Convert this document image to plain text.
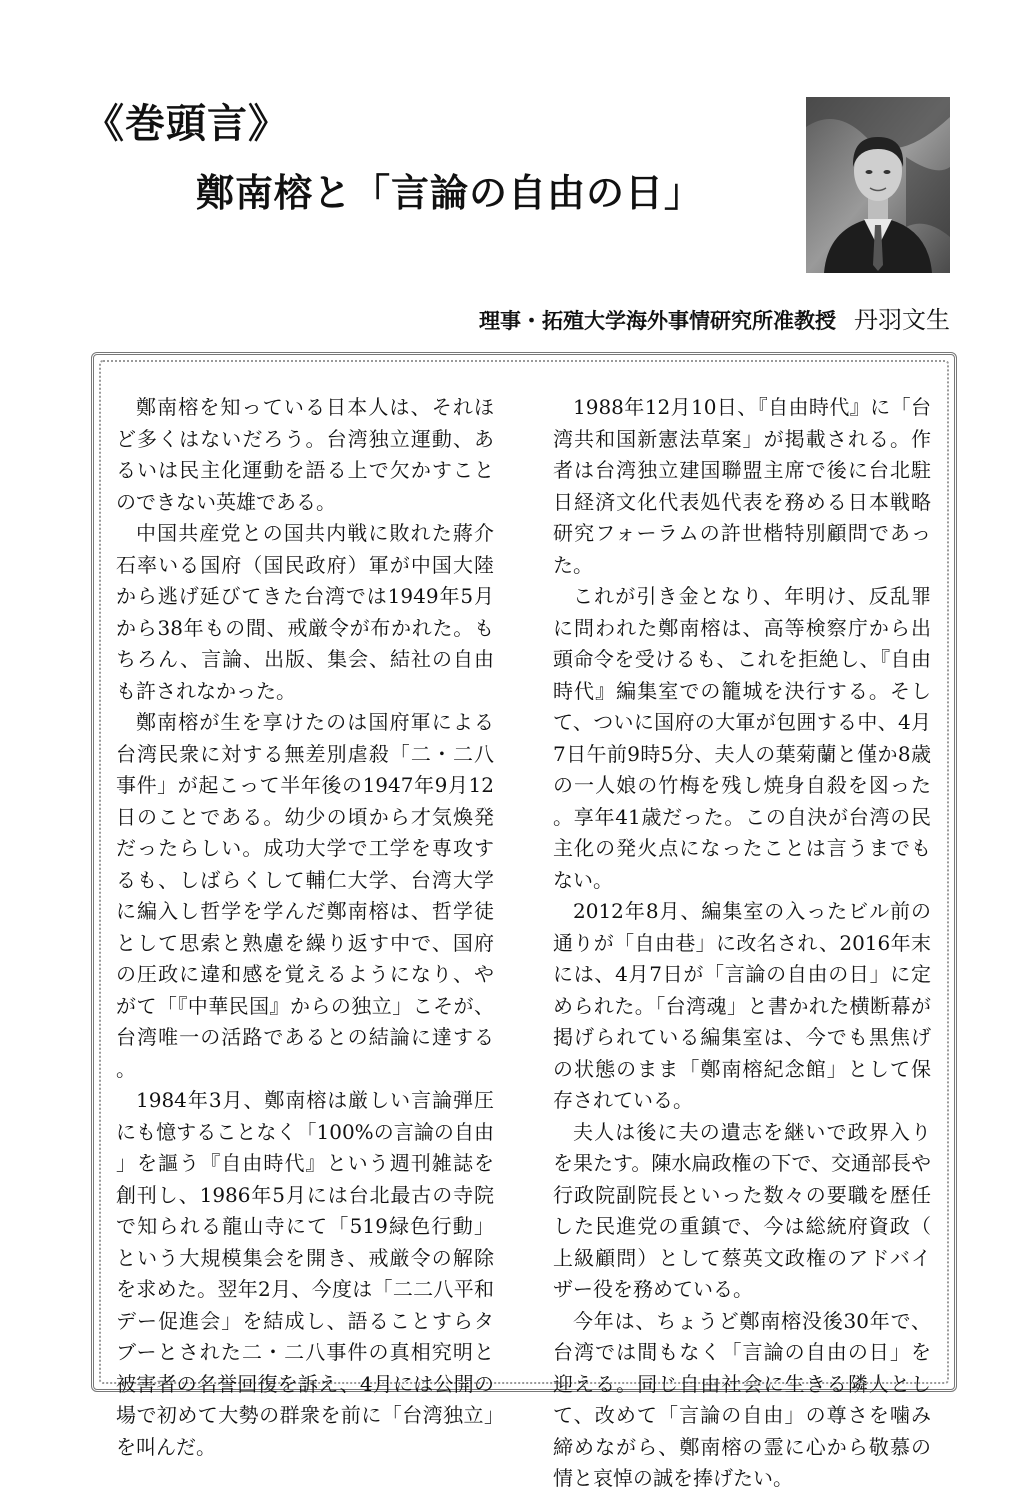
《巻頭言》
鄭南榕と「言論の自由の日」
理事・拓殖大学海外事情研究所准教授 丹羽文生

鄭南榕を知っている日本人は、それほど多くはないだろう。台湾独立運動、あるいは民主化運動を語る上で欠かすことのできない英雄である。

中国共産党との国共内戦に敗れた蔣介石率いる国府（国民政府）軍が中国大陸から逃げ延びてきた台湾では1949年5月から38年もの間、戒厳令が布かれた。もちろん、言論、出版、集会、結社の自由も許されなかった。

鄭南榕が生を享けたのは国府軍による台湾民衆に対する無差別虐殺「二・二八事件」が起こって半年後の1947年9月12日のことである。幼少の頃から才気煥発だったらしい。成功大学で工学を専攻するも、しばらくして輔仁大学、台湾大学に編入し哲学を学んだ鄭南榕は、哲学徒として思索と熟慮を繰り返す中で、国府の圧政に違和感を覚えるようになり、やがて「『中華民国』からの独立」こそが、台湾唯一の活路であるとの結論に達する。

1984年3月、鄭南榕は厳しい言論弾圧にも憶することなく「100%の言論の自由」を謳う『自由時代』という週刊雑誌を創刊し、1986年5月には台北最古の寺院で知られる龍山寺にて「519緑色行動」という大規模集会を開き、戒厳令の解除を求めた。翌年2月、今度は「二二八平和デー促進会」を結成し、語ることすらタブーとされた二・二八事件の真相究明と被害者の名誉回復を訴え、4月には公開の場で初めて大勢の群衆を前に「台湾独立」を叫んだ。

1988年12月10日、『自由時代』に「台湾共和国新憲法草案」が掲載される。作者は台湾独立建国聯盟主席で後に台北駐日経済文化代表処代表を務める日本戦略研究フォーラムの許世楷特別顧問であった。

これが引き金となり、年明け、反乱罪に問われた鄭南榕は、高等検察庁から出頭命令を受けるも、これを拒絶し、『自由時代』編集室での籠城を決行する。そして、ついに国府の大軍が包囲する中、4月7日午前9時5分、夫人の葉菊蘭と僅か8歳の一人娘の竹梅を残し焼身自殺を図った。享年41歳だった。この自決が台湾の民主化の発火点になったことは言うまでもない。

2012年8月、編集室の入ったビル前の通りが「自由巷」に改名され、2016年末には、4月7日が「言論の自由の日」に定められた。「台湾魂」と書かれた横断幕が掲げられている編集室は、今でも黒焦げの状態のまま「鄭南榕紀念館」として保存されている。

夫人は後に夫の遺志を継いで政界入りを果たす。陳水扁政権の下で、交通部長や行政院副院長といった数々の要職を歴任した民進党の重鎮で、今は総統府資政（上級顧問）として蔡英文政権のアドバイザー役を務めている。

今年は、ちょうど鄭南榕没後30年で、台湾では間もなく「言論の自由の日」を迎える。同じ自由社会に生きる隣人として、改めて「言論の自由」の尊さを噛み締めながら、鄭南榕の霊に心から敬慕の情と哀悼の誠を捧げたい。
